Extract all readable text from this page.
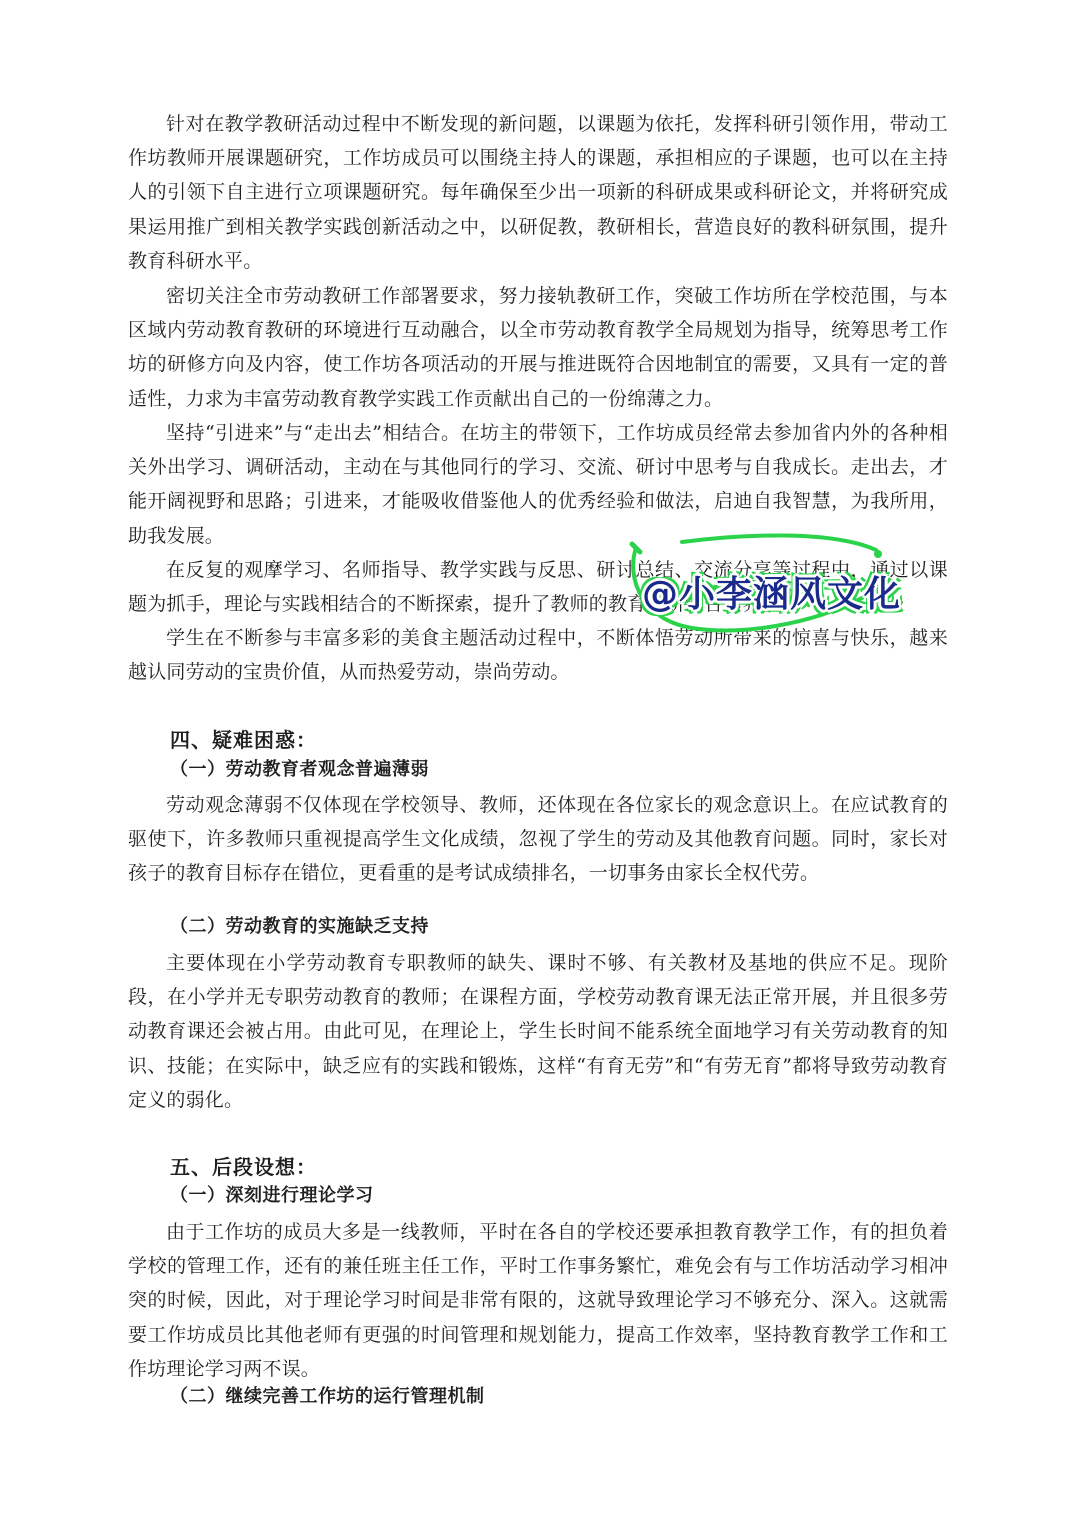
针对在教学教研活动过程中不断发现的新问题，以课题为依托，发挥科研引领作用，带动工作坊教师开展课题研究，工作坊成员可以围绕主持人的课题，承担相应的子课题，也可以在主持人的引领下自主进行立项课题研究。每年确保至少出一项新的科研成果或科研论文，并将研究成果运用推广到相关教学实践创新活动之中，以研促教，教研相长，营造良好的教科研氛围，提升教育科研水平。

密切关注全市劳动教研工作部署要求，努力接轨教研工作，突破工作坊所在学校范围，与本区域内劳动教育教研的环境进行互动融合，以全市劳动教育教学全局规划为指导，统筹思考工作坊的研修方向及内容，使工作坊各项活动的开展与推进既符合因地制宜的需要，又具有一定的普适性，力求为丰富劳动教育教学实践工作贡献出自己的一份绵薄之力。

坚持“引进来”与“走出去”相结合。在坊主的带领下，工作坊成员经常去参加省内外的各种相关外出学习、调研活动，主动在与其他同行的学习、交流、研讨中思考与自我成长。走出去，才能开阔视野和思路；引进来，才能吸收借鉴他人的优秀经验和做法，启迪自我智慧，为我所用，助我发展。

在反复的观摩学习、名师指导、教学实践与反思、研讨总结、交流分享等过程中，通过以课题为抓手，理论与实践相结合的不断探索，提升了教师的教育科研综合素养。

学生在不断参与丰富多彩的美食主题活动过程中，不断体悟劳动所带来的惊喜与快乐，越来越认同劳动的宝贵价值，从而热爱劳动，崇尚劳动。

四、疑难困惑：
（一）劳动教育者观念普遍薄弱

劳动观念薄弱不仅体现在学校领导、教师，还体现在各位家长的观念意识上。在应试教育的驱使下，许多教师只重视提高学生文化成绩，忽视了学生的劳动及其他教育问题。同时，家长对孩子的教育目标存在错位，更看重的是考试成绩排名，一切事务由家长全权代劳。

（二）劳动教育的实施缺乏支持

主要体现在小学劳动教育专职教师的缺失、课时不够、有关教材及基地的供应不足。现阶段，在小学并无专职劳动教育的教师；在课程方面，学校劳动教育课无法正常开展，并且很多劳动教育课还会被占用。由此可见，在理论上，学生长时间不能系统全面地学习有关劳动教育的知识、技能；在实际中，缺乏应有的实践和锻炼，这样“有育无劳”和“有劳无育”都将导致劳动教育定义的弱化。

五、后段设想：
（一）深刻进行理论学习

由于工作坊的成员大多是一线教师，平时在各自的学校还要承担教育教学工作，有的担负着学校的管理工作，还有的兼任班主任工作，平时工作事务繁忙，难免会有与工作坊活动学习相冲突的时候，因此，对于理论学习时间是非常有限的，这就导致理论学习不够充分、深入。这就需要工作坊成员比其他老师有更强的时间管理和规划能力，提高工作效率，坚持教育教学工作和工作坊理论学习两不误。

（二）继续完善工作坊的运行管理机制
@小李涵风文化
